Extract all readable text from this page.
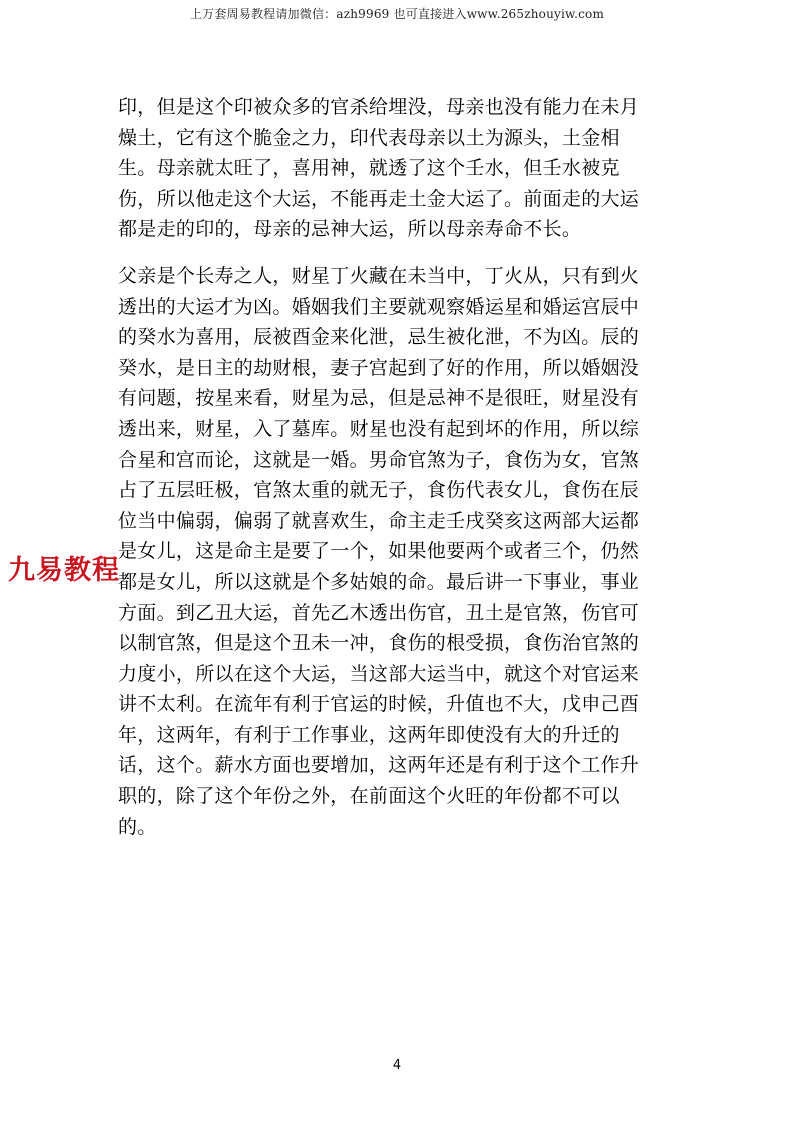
上万套周易教程请加微信：azh9969 也可直接进入www.265zhouyiw.com

印，但是这个印被众多的官杀给埋没，母亲也没有能力在未月
燥土，它有这个脆金之力，印代表母亲以土为源头，土金相
生。母亲就太旺了，喜用神，就透了这个壬水，但壬水被克
伤，所以他走这个大运，不能再走土金大运了。前面走的大运
都是走的印的，母亲的忌神大运，所以母亲寿命不长。

父亲是个长寿之人，财星丁火藏在未当中，丁火从，只有到火
透出的大运才为凶。婚姻我们主要就观察婚运星和婚运宫辰中
的癸水为喜用，辰被酉金来化泄，忌生被化泄，不为凶。辰的
癸水，是日主的劫财根，妻子宫起到了好的作用，所以婚姻没
有问题，按星来看，财星为忌，但是忌神不是很旺，财星没有
透出来，财星，入了墓库。财星也没有起到坏的作用，所以综
合星和宫而论，这就是一婚。男命官煞为子，食伤为女，官煞
占了五层旺极，官煞太重的就无子，食伤代表女儿，食伤在辰
位当中偏弱，偏弱了就喜欢生，命主走壬戌癸亥这两部大运都
是女儿，这是命主是要了一个，如果他要两个或者三个，仍然
都是女儿，所以这就是个多姑娘的命。最后讲一下事业，事业
方面。到乙丑大运，首先乙木透出伤官，丑土是官煞，伤官可
以制官煞，但是这个丑未一冲，食伤的根受损，食伤治官煞的
力度小，所以在这个大运，当这部大运当中，就这个对官运来
讲不太利。在流年有利于官运的时候，升值也不大，戊申己酉
年，这两年，有利于工作事业，这两年即使没有大的升迁的
话，这个。薪水方面也要增加，这两年还是有利于这个工作升
职的，除了这个年份之外，在前面这个火旺的年份都不可以
的。

九易教程
4
